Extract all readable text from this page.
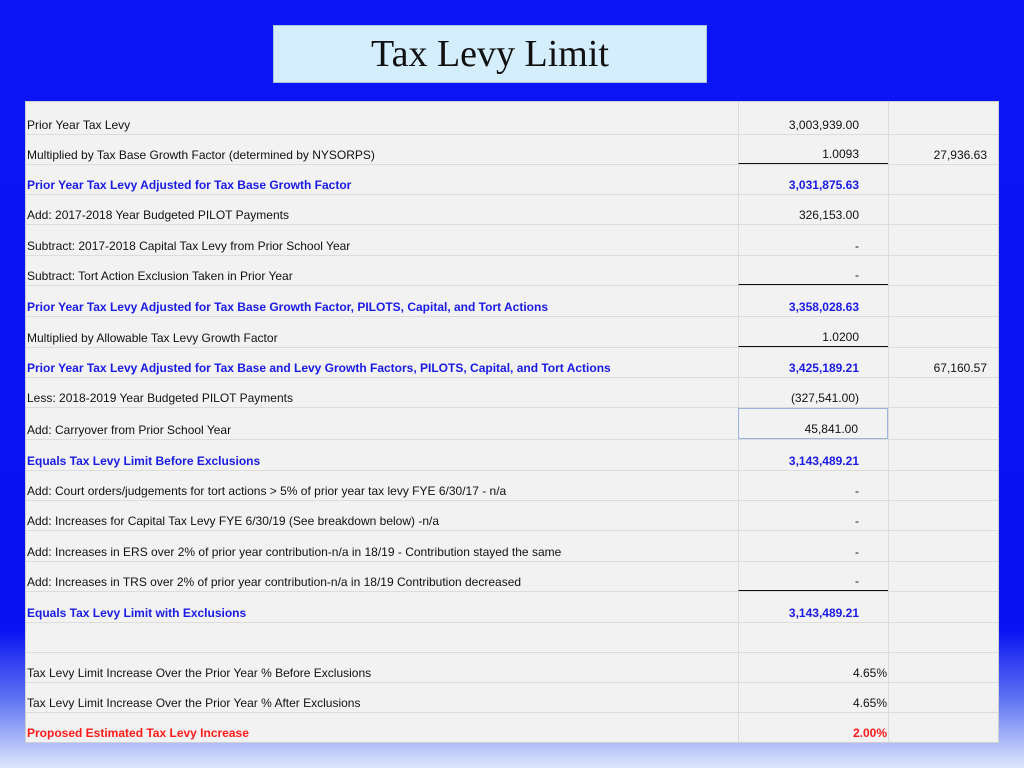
Tax Levy Limit
Prior Year Tax Levy	3,003,939.00
Multiplied by Tax Base Growth Factor (determined by NYSORPS)	1.0093	27,936.63
Prior Year Tax Levy Adjusted for Tax Base Growth Factor	3,031,875.63
Add: 2017-2018 Year Budgeted PILOT Payments	326,153.00
Subtract: 2017-2018 Capital Tax Levy from Prior School Year	-
Subtract: Tort Action Exclusion Taken in Prior Year	-
Prior Year Tax Levy Adjusted for Tax Base Growth Factor, PILOTS, Capital, and Tort Actions	3,358,028.63
Multiplied by Allowable Tax Levy Growth Factor	1.0200
Prior Year Tax Levy Adjusted for Tax Base and Levy Growth Factors, PILOTS, Capital, and Tort Actions	3,425,189.21	67,160.57
Less: 2018-2019 Year Budgeted PILOT Payments	(327,541.00)
Add: Carryover from Prior School Year	45,841.00
Equals Tax Levy Limit Before Exclusions	3,143,489.21
Add: Court orders/judgements for tort actions > 5% of prior year tax levy FYE 6/30/17 - n/a	-
Add: Increases for Capital Tax Levy FYE 6/30/19 (See breakdown below) -n/a	-
Add: Increases in ERS over 2% of prior year contribution-n/a in 18/19 - Contribution stayed the same	-
Add: Increases in TRS over 2% of prior year contribution-n/a in 18/19 Contribution decreased	-
Equals Tax Levy Limit with Exclusions	3,143,489.21
Tax Levy Limit Increase Over the Prior Year % Before Exclusions	4.65%
Tax Levy Limit Increase Over the Prior Year % After Exclusions	4.65%
Proposed Estimated Tax Levy Increase	2.00%
